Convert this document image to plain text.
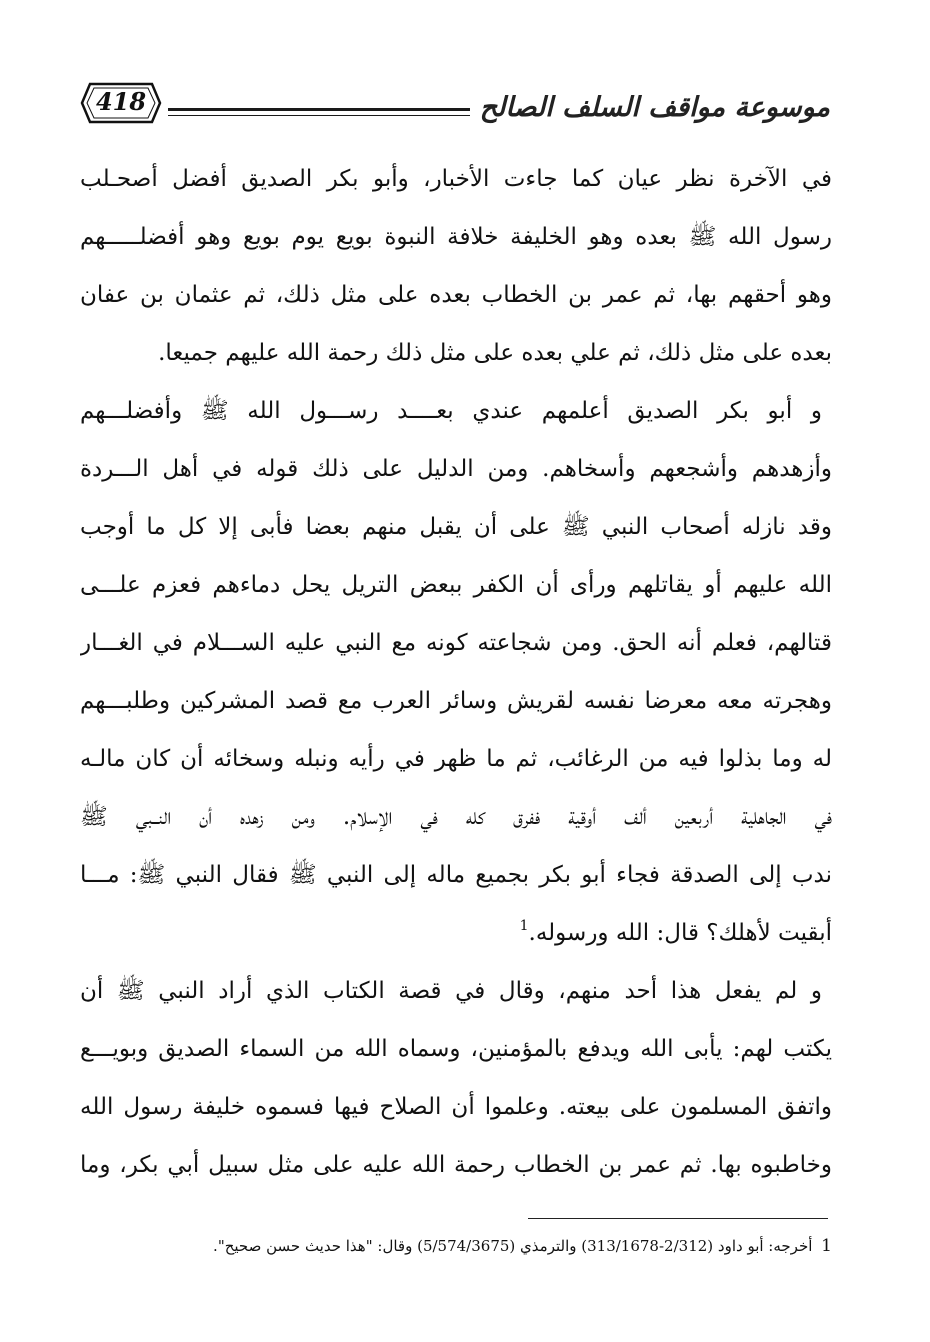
موسوعة مواقف السلف الصالح
418
في الآخرة نظر عيان كما جاءت الأخبار، وأبو بكر الصديق أفضل أصحـلب
رسول الله ﷺ بعده وهو الخليفة خلافة النبوة بويع يوم بويع وهو أفضلـــــهم
وهو أحقهم بها، ثم عمر بن الخطاب بعده على مثل ذلك، ثم عثمان بن عفان
بعده على مثل ذلك، ثم علي بعده على مثل ذلك رحمة الله عليهم جميعا.
و أبو بكر الصديق أعلمهم عندي بعــــد رســـول الله ﷺ وأفضلـــهم
وأزهدهم وأشجعهم وأسخاهم. ومن الدليل على ذلك قوله في أهل الـــردة
وقد نازله أصحاب النبي ﷺ على أن يقبل منهم بعضا فأبى إلا كل ما أوجب
الله عليهم أو يقاتلهم ورأى أن الكفر ببعض التريل يحل دماءهم فعزم علـــى
قتالهم، فعلم أنه الحق. ومن شجاعته كونه مع النبي عليه الســـلام في الغـــار
وهجرته معه معرضا نفسه لقريش وسائر العرب مع قصد المشركين وطلبـــهم
له وما بذلوا فيه من الرغائب، ثم ما ظهر في رأيه ونبله وسخائه أن كان مالـه
في الجاهلية أربعين ألف أوقية ففرق كله في الإسلام. ومن زهده أن النــبي ﷺ
ندب إلى الصدقة فجاء أبو بكر بجميع ماله إلى النبي ﷺ فقال النبي ﷺ: مـــا
أبقيت لأهلك؟ قال: الله ورسوله.$^1$
و لم يفعل هذا أحد منهم، وقال في قصة الكتاب الذي أراد النبي ﷺ أن
يكتب لهم: يأبى الله ويدفع بالمؤمنين، وسماه الله من السماء الصديق وبويـــع
واتفق المسلمون على بيعته. وعلموا أن الصلاح فيها فسموه خليفة رسول الله
وخاطبوه بها. ثم عمر بن الخطاب رحمة الله عليه على مثل سبيل أبي بكر، وما
1 أخرجه: أبو داود (2/312-313/1678) والترمذي (5/574/3675) وقال: "هذا حديث حسن صحيح".
